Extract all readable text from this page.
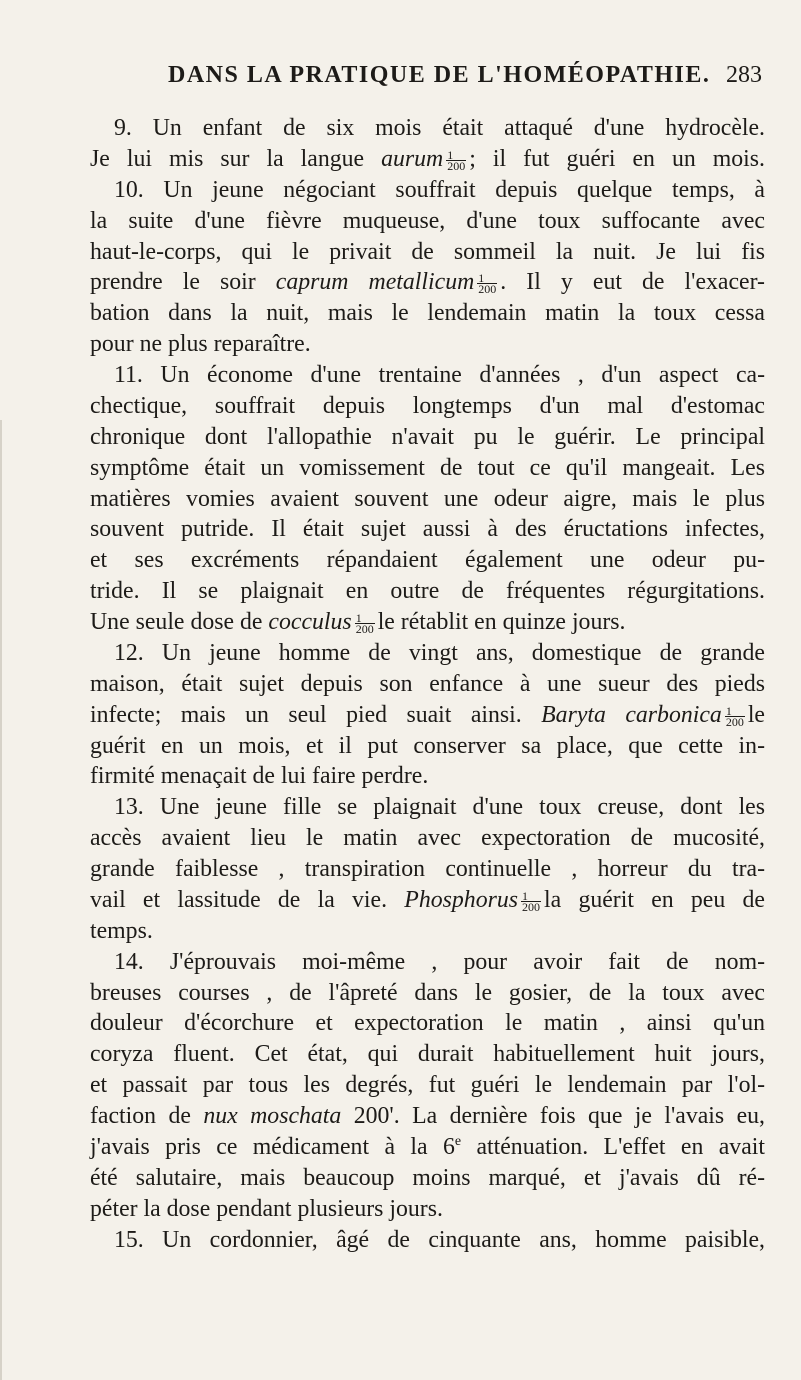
DANS LA PRATIQUE DE L'HOMÉOPATHIE. 283
9. Un enfant de six mois était attaqué d'une hydrocèle.
Je lui mis sur la langue aurum $\frac{1}{200}$ ; il fut guéri en un mois.
10. Un jeune négociant souffrait depuis quelque temps, à
la suite d'une fièvre muqueuse, d'une toux suffocante avec
haut-le-corps, qui le privait de sommeil la nuit. Je lui fis
prendre le soir caprum metallicum $\frac{1}{200}$ . Il y eut de l'exacer-
bation dans la nuit, mais le lendemain matin la toux cessa
pour ne plus reparaître.
11. Un économe d'une trentaine d'années , d'un aspect ca-
chectique, souffrait depuis longtemps d'un mal d'estomac
chronique dont l'allopathie n'avait pu le guérir. Le principal
symptôme était un vomissement de tout ce qu'il mangeait. Les
matières vomies avaient souvent une odeur aigre, mais le plus
souvent putride. Il était sujet aussi à des éructations infectes,
et ses excréments répandaient également une odeur pu-
tride. Il se plaignait en outre de fréquentes régurgitations.
Une seule dose de cocculus $\frac{1}{200}$ le rétablit en quinze jours.
12. Un jeune homme de vingt ans, domestique de grande
maison, était sujet depuis son enfance à une sueur des pieds
infecte; mais un seul pied suait ainsi. Baryta carbonica $\frac{1}{200}$ le
guérit en un mois, et il put conserver sa place, que cette in-
firmité menaçait de lui faire perdre.
13. Une jeune fille se plaignait d'une toux creuse, dont les
accès avaient lieu le matin avec expectoration de mucosité,
grande faiblesse , transpiration continuelle , horreur du tra-
vail et lassitude de la vie. Phosphorus $\frac{1}{200}$ la guérit en peu de
temps.
14. J'éprouvais moi-même , pour avoir fait de nom-
breuses courses , de l'âpreté dans le gosier, de la toux avec
douleur d'écorchure et expectoration le matin , ainsi qu'un
coryza fluent. Cet état, qui durait habituellement huit jours,
et passait par tous les degrés, fut guéri le lendemain par l'ol-
faction de nux moschata 200'. La dernière fois que je l'avais eu,
j'avais pris ce médicament à la 6e atténuation. L'effet en avait
été salutaire, mais beaucoup moins marqué, et j'avais dû ré-
péter la dose pendant plusieurs jours.
15. Un cordonnier, âgé de cinquante ans, homme paisible,
